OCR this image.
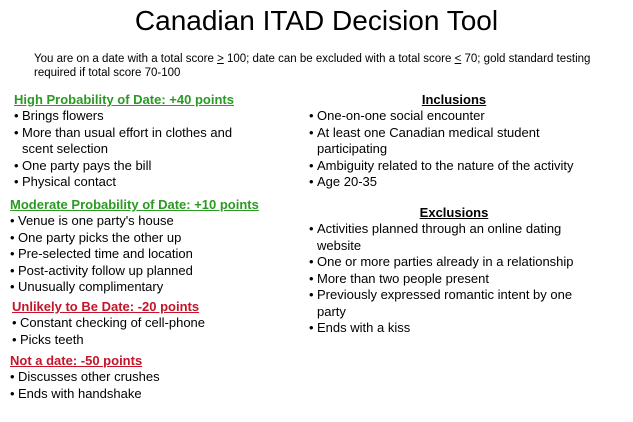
Canadian ITAD Decision Tool
You are on a date with a total score ≥ 100; date can be excluded with a total score ≤ 70; gold standard testing required if total score 70-100
High Probability of Date: +40 points
• Brings flowers
• More than usual effort in clothes and
scent selection
• One party pays the bill
• Physical contact
Moderate Probability of Date: +10 points
• Venue is one party's house
• One party picks the other up
• Pre-selected time and location
• Post-activity follow up planned
• Unusually complimentary
Unlikely to Be Date: -20 points
• Constant checking of cell-phone
• Picks teeth
Not a date: -50 points
• Discusses other crushes
• Ends with handshake
Inclusions
• One-on-one social encounter
• At least one Canadian medical student
participating
• Ambiguity related to the nature of the activity
• Age 20-35
Exclusions
• Activities planned through an online dating
website
• One or more parties already in a relationship
• More than two people present
• Previously expressed romantic intent by one
party
• Ends with a kiss
